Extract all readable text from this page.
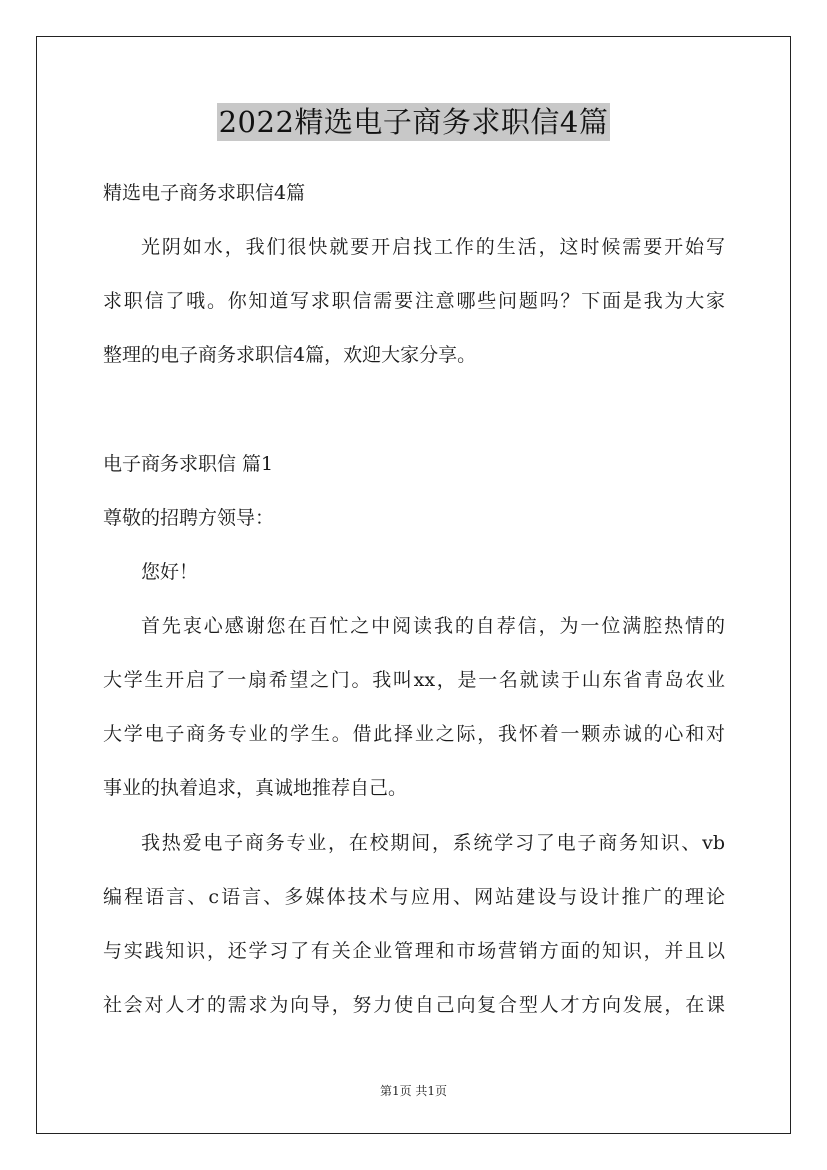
2022精选电子商务求职信4篇
精选电子商务求职信4篇
光阴如水，我们很快就要开启找工作的生活，这时候需要开始写
求职信了哦。你知道写求职信需要注意哪些问题吗？下面是我为大家
整理的电子商务求职信4篇，欢迎大家分享。
电子商务求职信 篇1
尊敬的招聘方领导：
您好！
首先衷心感谢您在百忙之中阅读我的自荐信，为一位满腔热情的
大学生开启了一扇希望之门。我叫xx，是一名就读于山东省青岛农业
大学电子商务专业的学生。借此择业之际，我怀着一颗赤诚的心和对
事业的执着追求，真诚地推荐自己。
我热爱电子商务专业，在校期间，系统学习了电子商务知识、vb
编程语言、c语言、多媒体技术与应用、网站建设与设计推广的理论
与实践知识，还学习了有关企业管理和市场营销方面的知识，并且以
社会对人才的需求为向导，努力使自己向复合型人才方向发展，在课
第1页 共1页
